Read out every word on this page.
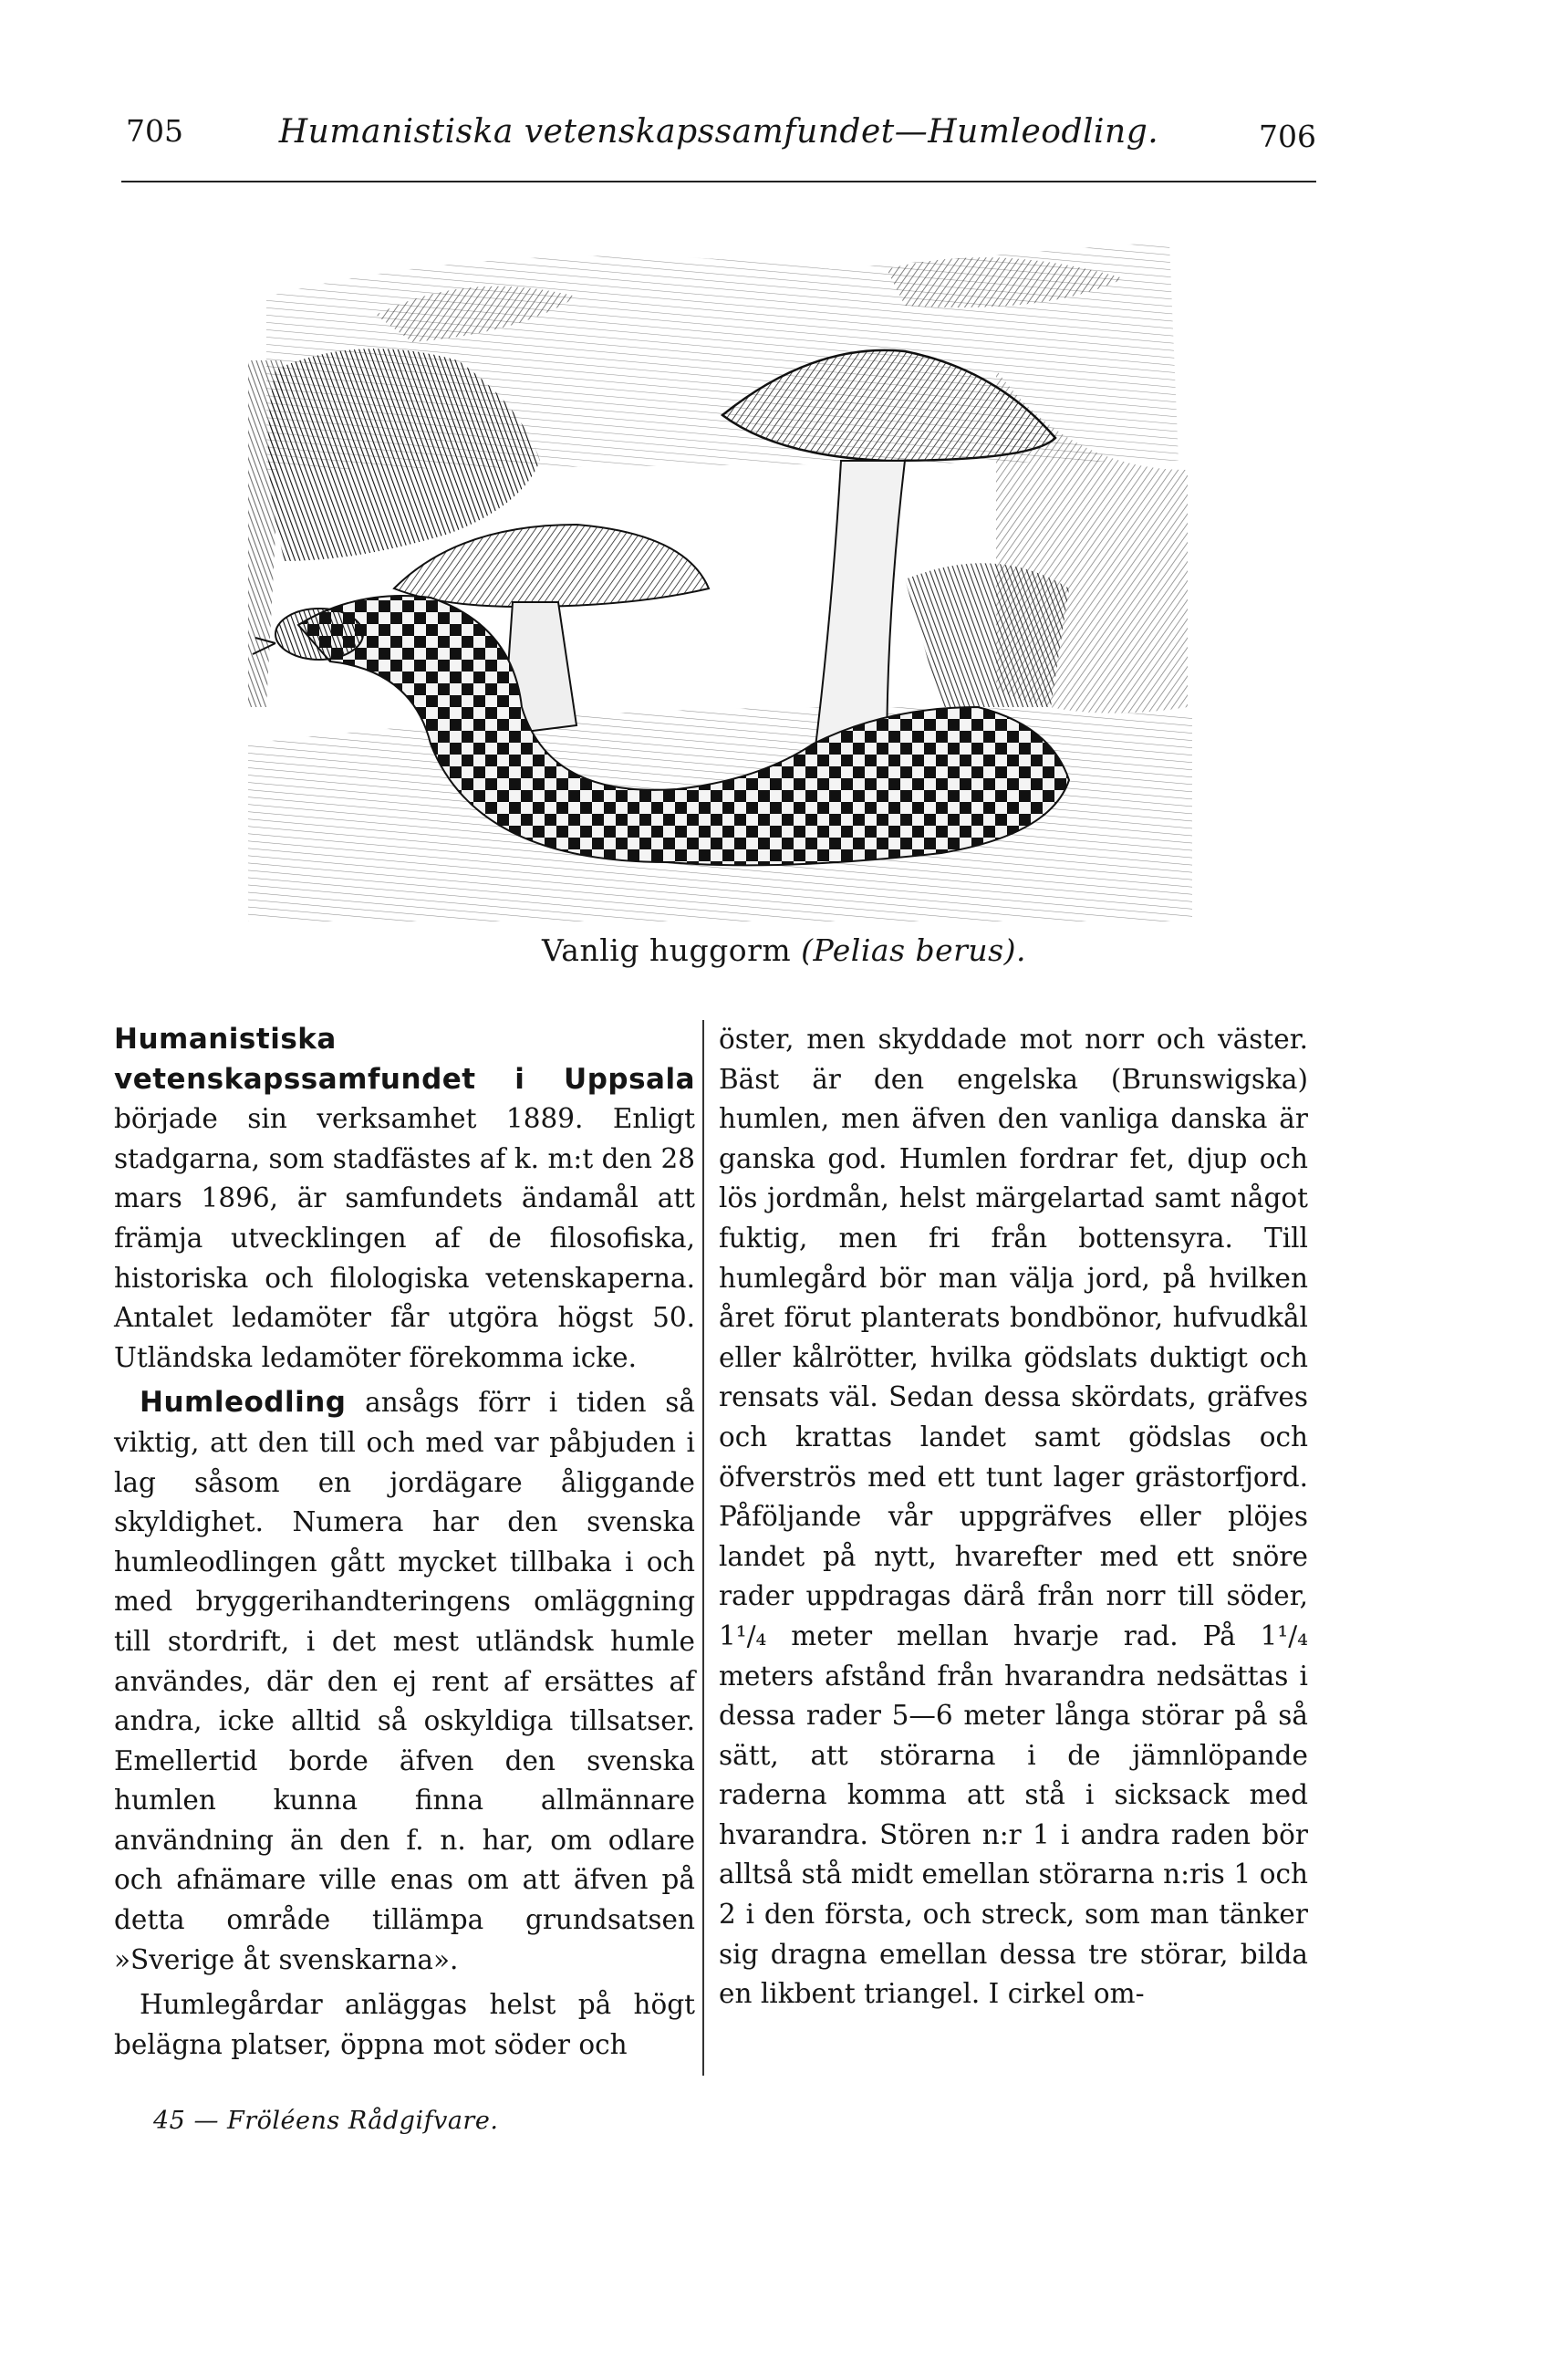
705	Humanistiska vetenskapssamfundet—Humleodling.	706
Vanlig huggorm (Pelias berus).

Humanistiska vetenskapssamfundet i Uppsala började sin verksamhet 1889. Enligt stadgarna, som stadfästes af k. m:t den 28 mars 1896, är samfundets ändamål att främja utvecklingen af de filosofiska, historiska och filologiska vetenskaperna. Antalet ledamöter får utgöra högst 50. Utländska ledamöter förekomma icke.

Humleodling ansågs förr i tiden så viktig, att den till och med var påbjuden i lag såsom en jordägare åliggande skyldighet. Numera har den svenska humleodlingen gått mycket tillbaka i och med bryggerihandteringens omläggning till stordrift, i det mest utländsk humle användes, där den ej rent af ersättes af andra, icke alltid så oskyldiga tillsatser. Emellertid borde äfven den svenska humlen kunna finna allmännare användning än den f. n. har, om odlare och afnämare ville enas om att äfven på detta område tillämpa grundsatsen »Sverige åt svenskarna».

Humlegårdar anläggas helst på högt belägna platser, öppna mot söder och

öster, men skyddade mot norr och väster. Bäst är den engelska (Brunswigska) humlen, men äfven den vanliga danska är ganska god. Humlen fordrar fet, djup och lös jordmån, helst märgelartad samt något fuktig, men fri från bottensyra. Till humlegård bör man välja jord, på hvilken året förut planterats bondbönor, hufvudkål eller kålrötter, hvilka gödslats duktigt och rensats väl. Sedan dessa skördats, gräfves och krattas landet samt gödslas och öfverströs med ett tunt lager grästorfjord. Påföljande vår uppgräfves eller plöjes landet på nytt, hvarefter med ett snöre rader uppdragas därå från norr till söder, 1¹/₄ meter mellan hvarje rad. På 1¹/₄ meters afstånd från hvarandra nedsättas i dessa rader 5—6 meter långa störar på så sätt, att störarna i de jämnlöpande raderna komma att stå i sicksack med hvarandra. Stören n:r 1 i andra raden bör alltså stå midt emellan störarna n:ris 1 och 2 i den första, och streck, som man tänker sig dragna emellan dessa tre störar, bilda en likbent triangel. I cirkel om-

45 — Fröléens Rådgifvare.
